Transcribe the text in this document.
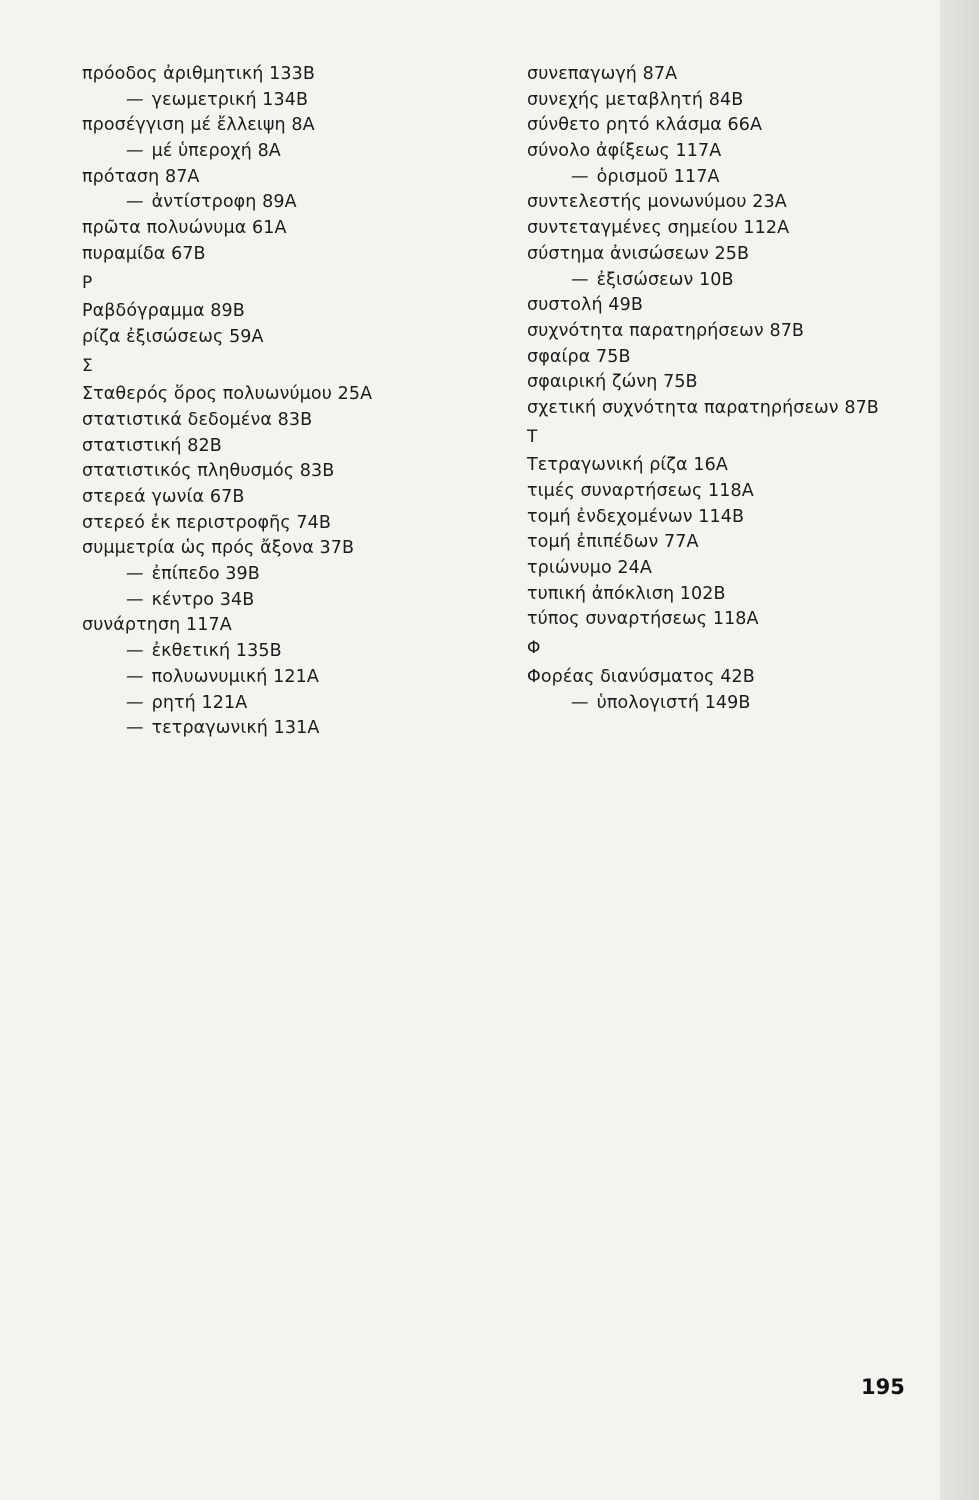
πρόοδος ἀριθμητική 133Β
— γεωμετρική 134Β
προσέγγιση μέ ἔλλειψη 8Α
— μέ ὑπεροχή 8Α
πρόταση 87Α
— ἀντίστροφη 89Α
πρῶτα πολυώνυμα 61Α
πυραμίδα 67Β
Ρ
Ραβδόγραμμα 89Β
ρίζα ἐξισώσεως 59Α
Σ
Σταθερός ὅρος πολυωνύμου 25Α
στατιστικά δεδομένα 83Β
στατιστική 82Β
στατιστικός πληθυσμός 83Β
στερεά γωνία 67Β
στερεό ἐκ περιστροφῆς 74Β
συμμετρία ὡς πρός ἄξονα 37Β
— ἐπίπεδο 39Β
— κέντρο 34Β
συνάρτηση 117Α
— ἐκθετική 135Β
— πολυωνυμική 121Α
— ρητή 121Α
— τετραγωνική 131Α
συνεπαγωγή 87Α
συνεχής μεταβλητή 84Β
σύνθετο ρητό κλάσμα 66Α
σύνολο ἀφίξεως 117Α
— ὁρισμοῦ 117Α
συντελεστής μονωνύμου 23Α
συντεταγμένες σημείου 112Α
σύστημα ἀνισώσεων 25Β
— ἐξισώσεων 10Β
συστολή 49Β
συχνότητα παρατηρήσεων 87Β
σφαίρα 75Β
σφαιρική ζώνη 75Β
σχετική συχνότητα παρατηρήσεων 87Β
Τ
Τετραγωνική ρίζα 16Α
τιμές συναρτήσεως 118Α
τομή ἐνδεχομένων 114Β
τομή ἐπιπέδων 77Α
τριώνυμο 24Α
τυπική ἀπόκλιση 102Β
τύπος συναρτήσεως 118Α
Φ
Φορέας διανύσματος 42Β
— ὑπολογιστή 149Β
195
